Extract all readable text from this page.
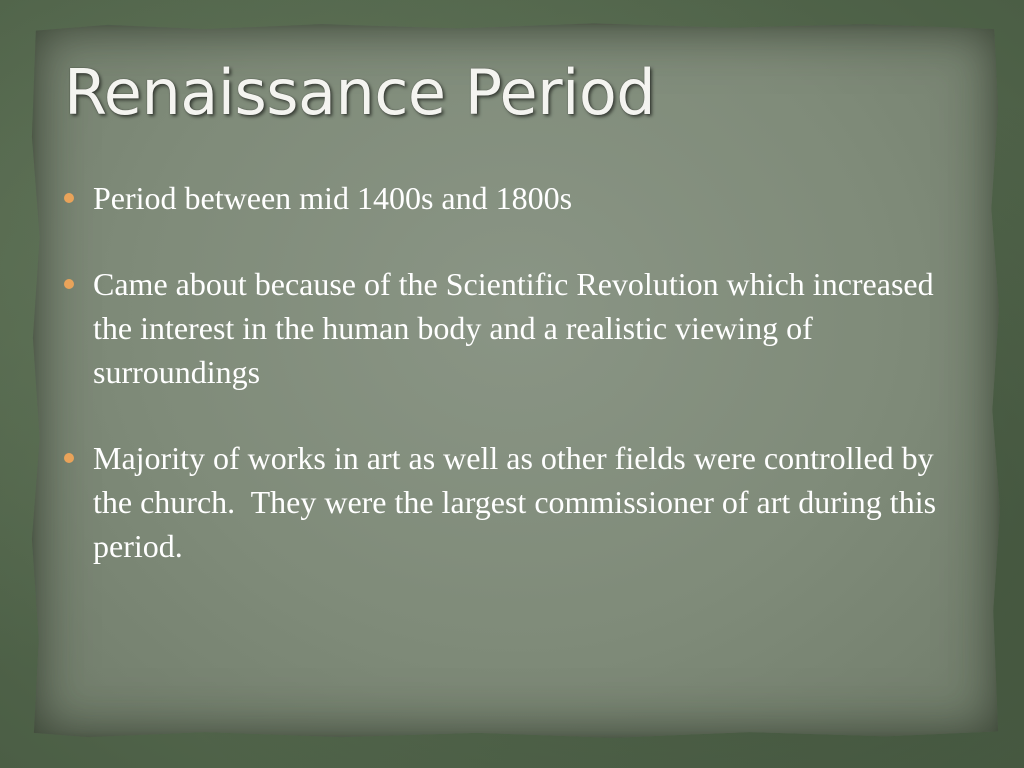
Renaissance Period
Period between mid 1400s and 1800s
Came about because of the Scientific Revolution which increased the interest in the human body and a realistic viewing of surroundings
Majority of works in art as well as other fields were controlled by the church.  They were the largest commissioner of art during this period.
